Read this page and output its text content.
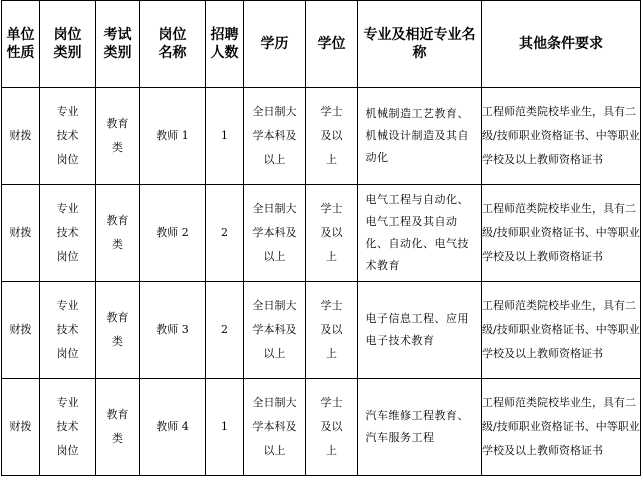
单位性质	岗位类别	考试类别	岗位名称	招聘人数	学历	学位	专业及相近专业名称	其他条件要求
财拨	专业技术岗位	教育类	教师 1	1	全日制大学本科及以上	学士及以上	机械制造工艺教育、机械设计制造及其自动化	工程师范类院校毕业生，具有二级/技师职业资格证书、中等职业学校及以上教师资格证书

财拨	专业技术岗位	教育类	教师 2	2	全日制大学本科及以上	学士及以上	电气工程与自动化、电气工程及其自动化、自动化、电气技术教育	工程师范类院校毕业生，具有二级/技师职业资格证书、中等职业学校及以上教师资格证书

财拨	专业技术岗位	教育类	教师 3	2	全日制大学本科及以上	学士及以上	电子信息工程、应用电子技术教育	工程师范类院校毕业生，具有二级/技师职业资格证书、中等职业学校及以上教师资格证书

财拨	专业技术岗位	教育类	教师 4	1	全日制大学本科及以上	学士及以上	汽车维修工程教育、汽车服务工程	工程师范类院校毕业生，具有二级/技师职业资格证书、中等职业学校及以上教师资格证书
